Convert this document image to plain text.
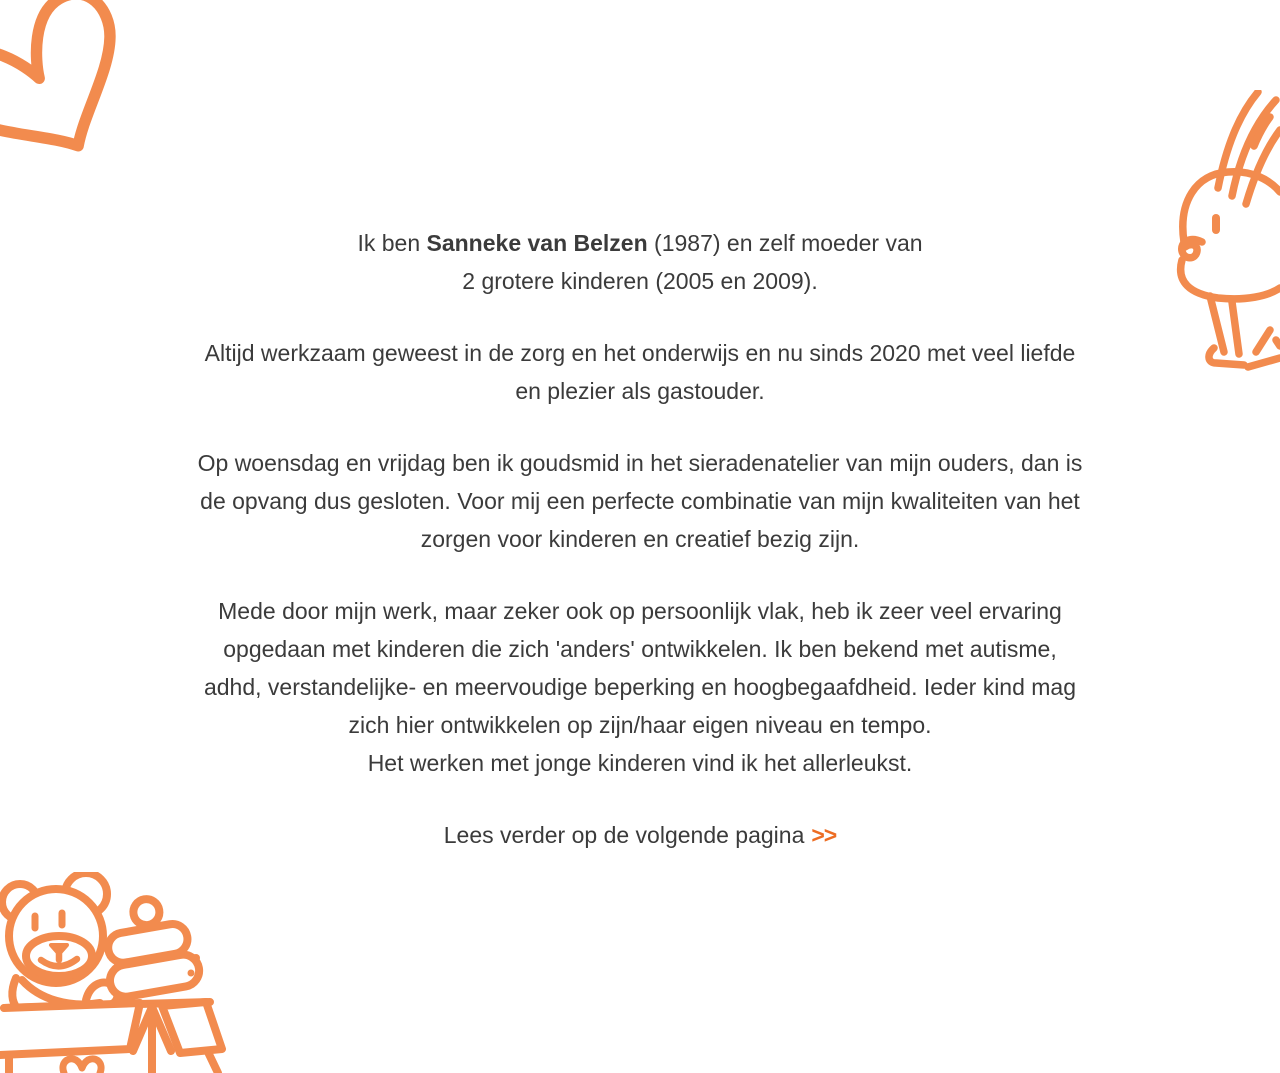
Ik ben Sanneke van Belzen (1987) en zelf moeder van
2 grotere kinderen (2005 en 2009).

Altijd werkzaam geweest in de zorg en het onderwijs en nu sinds 2020 met veel liefde
en plezier als gastouder.

Op woensdag en vrijdag ben ik goudsmid in het sieradenatelier van mijn ouders, dan is
de opvang dus gesloten. Voor mij een perfecte combinatie van mijn kwaliteiten van het
zorgen voor kinderen en creatief bezig zijn.

Mede door mijn werk, maar zeker ook op persoonlijk vlak, heb ik zeer veel ervaring
opgedaan met kinderen die zich 'anders' ontwikkelen. Ik ben bekend met autisme,
adhd, verstandelijke- en meervoudige beperking en hoogbegaafdheid. Ieder kind mag
zich hier ontwikkelen op zijn/haar eigen niveau en tempo.
Het werken met jonge kinderen vind ik het allerleukst.

Lees verder op de volgende pagina >>
